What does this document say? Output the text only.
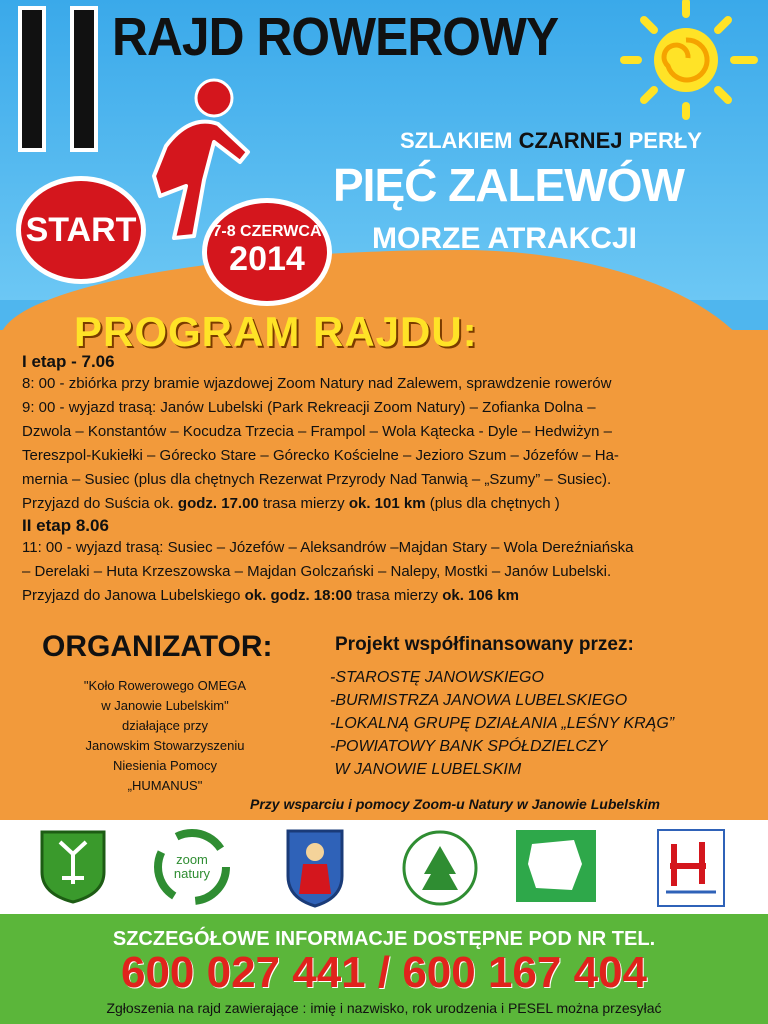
RAJD ROWEROWY
SZLAKIEM CZARNEJ PERŁY
PIĘĆ ZALEWÓW
MORZE ATRAKCJI
START	7-8 CZERWCA
2014
PROGRAM RAJDU:
I etap - 7.06
8: 00 - zbiórka przy bramie wjazdowej Zoom Natury nad Zalewem, sprawdzenie rowerów
9: 00 - wyjazd trasą: Janów Lubelski (Park Rekreacji Zoom Natury) – Zofianka Dolna –
Dzwola – Konstantów – Kocudza Trzecia – Frampol – Wola Kątecka - Dyle – Hedwiżyn –
Tereszpol-Kukiełki – Górecko Stare – Górecko Kościelne – Jezioro Szum – Józefów – Ha-
mernia – Susiec (plus dla chętnych Rezerwat Przyrody Nad Tanwią – „Szumy” – Susiec).
Przyjazd do Suścia ok. godz. 17.00 trasa mierzy ok. 101 km (plus dla chętnych )
II etap 8.06
11: 00 - wyjazd trasą: Susiec – Józefów – Aleksandrów –Majdan Stary – Wola Dereźniańska
– Derelaki – Huta Krzeszowska – Majdan Golczański – Nalepy, Mostki – Janów Lubelski.
Przyjazd do Janowa Lubelskiego ok. godz. 18:00 trasa mierzy ok. 106 km
ORGANIZATOR:
"Koło Rowerowego OMEGA
w Janowie Lubelskim"
działające przy
Janowskim Stowarzyszeniu
Niesienia Pomocy
„HUMANUS"
Projekt współfinansowany przez:
-STAROSTĘ JANOWSKIEGO
-BURMISTRZA JANOWA LUBELSKIEGO
-LOKALNĄ GRUPĘ DZIAŁANIA „LEŚNY KRĄG”
-POWIATOWY BANK SPÓŁDZIELCZY
W JANOWIE LUBELSKIM
Przy wsparciu i pomocy Zoom-u Natury w Janowie Lubelskim
zoom
natury
SZCZEGÓŁOWE INFORMACJE DOSTĘPNE POD NR TEL.
600 027 441 / 600 167 404
Zgłoszenia na rajd zawierające : imię i nazwisko, rok urodzenia i PESEL można przesyłać
